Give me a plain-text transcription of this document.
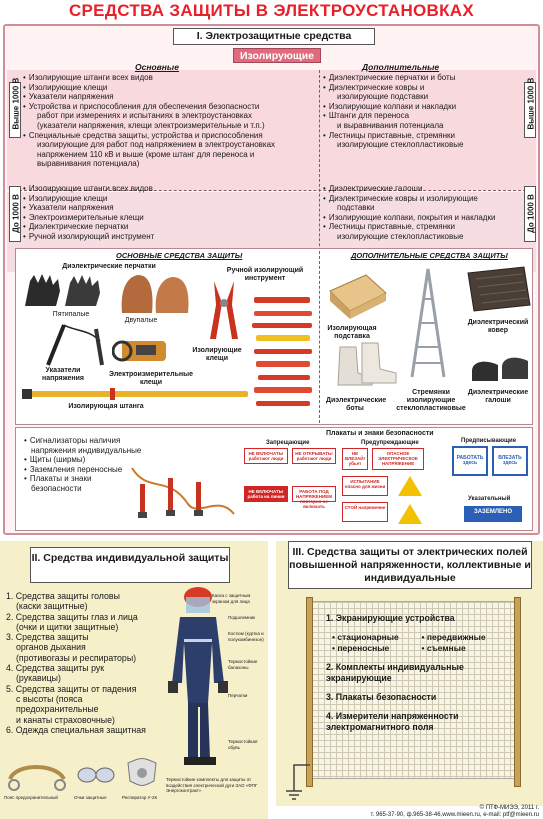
СРЕДСТВА ЗАЩИТЫ В ЭЛЕКТРОУСТАНОВКАХ
I. Электрозащитные средства
Изолирующие
Основные	Дополнительные
Выше 1000 В	Выше 1000 В
До 1000 В	До 1000 В
• Изолирующие штанги всех видов
• Изолирующие клещи
• Указатели напряжения
• Устройства и приспособления для обеспечения безопасности
работ при измерениях и испытаниях в электроустановках
(указатели напряжения, клещи электроизмерительные и т.п.)
• Специальные средства защиты, устройства и приспособления
изолирующие для работ под напряжением в электроустановках
напряжением 110 кВ и выше (кроме штанг для переноса и
выравнивания потенциала)
• Диэлектрические перчатки и боты
• Диэлектрические ковры и
изолирующие подставки
• Изолирующие колпаки и накладки
• Штанги для переноса
и выравнивания потенциала
• Лестницы приставные, стремянки
изолирующие стеклопластиковые
• Изолирующие штанги всех видов
• Изолирующие клещи
• Указатели напряжения
• Электроизмерительные клещи
• Диэлектрические перчатки
• Ручной изолирующий инструмент
• Диэлектрические галоши
• Диэлектрические ковры и изолирующие
подставки
• Изолирующие колпаки, покрытия и накладки
• Лестницы приставные, стремянки
изолирующие стеклопластиковые
ОСНОВНЫЕ СРЕДСТВА ЗАЩИТЫ	ДОПОЛНИТЕЛЬНЫЕ СРЕДСТВА ЗАЩИТЫ
Диэлектрические перчатки
Пятипалые
Двупалые
Ручной изолирующий инструмент
Указатели напряжения
Электроизмерительные клещи
Изолирующие клещи
Изолирующая штанга
Изолирующая подставка
Диэлектрический ковер
Диэлектрические боты
Стремянки изолирующие стеклопластиковые
Диэлектрические галоши
• Сигнализаторы наличия
напряжения индивидуальные
• Щиты (ширмы)
• Заземления переносные
• Плакаты и знаки
безопасности
Плакаты и знаки безопасности
Запрещающие	Предупреждающие	Предписывающие
НЕ ВКЛЮЧАТЬ! работают люди
НЕ ОТКРЫВАТЬ! работают люди
НЕ ВКЛЮЧАТЬ! работа на линии
РАБОТА ПОД НАПРЯЖЕНИЕМ повторно не включать
НЕ ВЛЕЗАЙ! убьет
ОПАСНОЕ ЭЛЕКТРИЧЕСКОЕ НАПРЯЖЕНИЕ
ИСПЫТАНИЕ опасно для жизни
СТОЙ напряжение
РАБОТАТЬ здесь
ВЛЕЗАТЬ здесь
Указательный
ЗАЗЕМЛЕНО
II. Средства индивидуальной защиты
1. Средства защиты головы
(каски защитные)
2. Средства защиты глаз и лица
(очки и щитки защитные)
3. Средства защиты
органов дыхания
(противогазы и респираторы)
4. Средства защиты рук
(рукавицы)
5. Средства защиты от падения
с высоты (пояса
предохранительные
и канаты страховочные)
6. Одежда специальная защитная
Каска с защитным экраном для лица
Подшлемник
Костюм (куртка и полукомбинезон)
Термостойкие балахоны
Перчатки
Термостойкая обувь
Пояс предохранительный	Очки защитные	Респиратор У-2К
Термостойкие комплекты для защиты от воздействия электрической дуги ЗАО «ФПГ Энергоконтракт»
III. Средства защиты от электрических полей повышенной напряженности, коллективные и индивидуальные
1. Экранирующие устройства
• стационарные	• передвижные
• переносные	• съемные
2. Комплекты индивидуальные экранирующие
3. Плакаты безопасности
4. Измерители напряженности электромагнитного поля
© ПТФ-МИЭЭ, 2011 г.
т. 965-37-90, ф.965-38-46,www.mieen.ru, e-mail: ptf@mieen.ru
